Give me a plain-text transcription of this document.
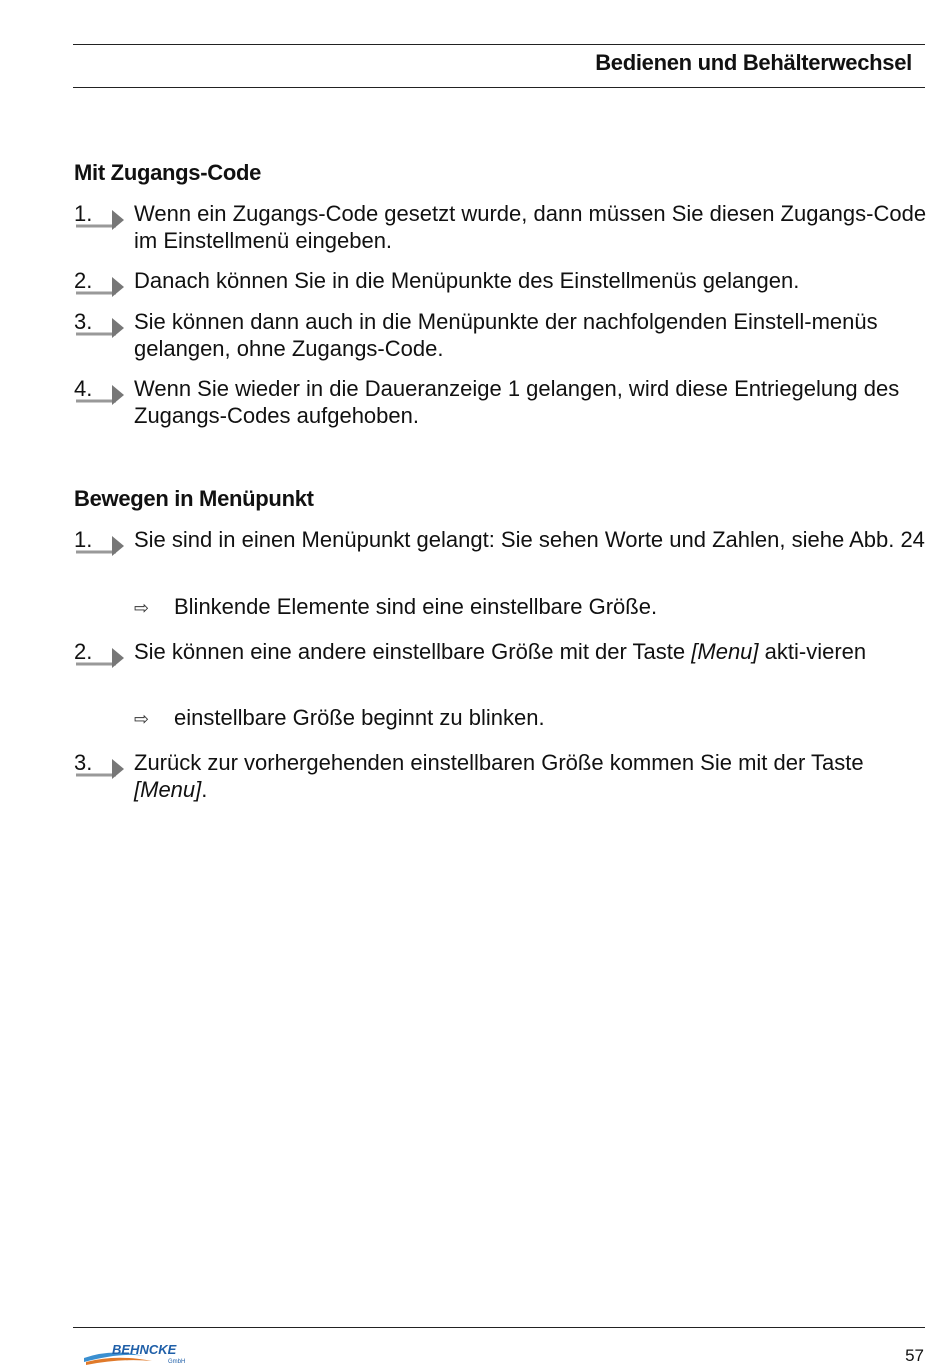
Bedienen und Behälterwechsel
Mit Zugangs-Code
1. Wenn ein Zugangs-Code gesetzt wurde, dann müssen Sie diesen Zugangs-Code im Einstellmenü eingeben.
2. Danach können Sie in die Menüpunkte des Einstellmenüs gelangen.
3. Sie können dann auch in die Menüpunkte der nachfolgenden Einstell-menüs gelangen, ohne Zugangs-Code.
4. Wenn Sie wieder in die Daueranzeige 1 gelangen, wird diese Entriegelung des Zugangs-Codes aufgehoben.
Bewegen in Menüpunkt
1. Sie sind in einen Menüpunkt gelangt: Sie sehen Worte und Zahlen, siehe Abb. 24
⇨ Blinkende Elemente sind eine einstellbare Größe.
2. Sie können eine andere einstellbare Größe mit der Taste [Menu] akti-vieren
⇨ einstellbare Größe beginnt zu blinken.
3. Zurück zur vorhergehenden einstellbaren Größe kommen Sie mit der Taste [Menu].
BEHNCKE
GmbH	57
